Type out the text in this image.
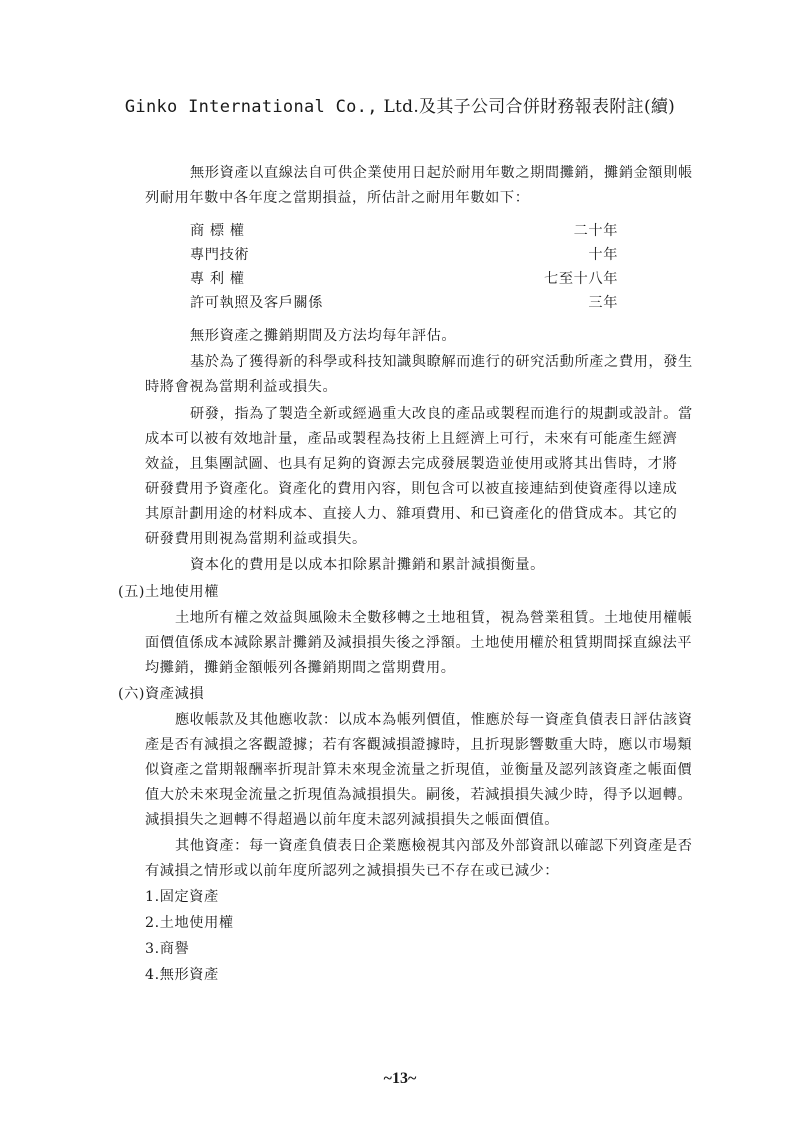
Ginko International Co., Ltd.及其子公司合併財務報表附註(續)
無形資產以直線法自可供企業使用日起於耐用年數之期間攤銷，攤銷金額則帳
列耐用年數中各年度之當期損益，所估計之耐用年數如下：
商 標 權	二十年
專門技術	十年
專 利 權	七至十八年
許可執照及客戶關係	三年
無形資產之攤銷期間及方法均每年評估。
基於為了獲得新的科學或科技知識與瞭解而進行的研究活動所產之費用，發生
時將會視為當期利益或損失。
研發，指為了製造全新或經過重大改良的產品或製程而進行的規劃或設計。當
成本可以被有效地計量，產品或製程為技術上且經濟上可行，未來有可能產生經濟
效益，且集團試圖、也具有足夠的資源去完成發展製造並使用或將其出售時，才將
研發費用予資產化。資產化的費用內容，則包含可以被直接連結到使資產得以達成
其原計劃用途的材料成本、直接人力、雜項費用、和已資產化的借貸成本。其它的
研發費用則視為當期利益或損失。
資本化的費用是以成本扣除累計攤銷和累計減損衡量。
(五)土地使用權
土地所有權之效益與風險未全數移轉之土地租賃，視為營業租賃。土地使用權帳
面價值係成本減除累計攤銷及減損損失後之淨額。土地使用權於租賃期間採直線法平
均攤銷，攤銷金額帳列各攤銷期間之當期費用。
(六)資產減損
應收帳款及其他應收款：以成本為帳列價值，惟應於每一資產負債表日評估該資
產是否有減損之客觀證據；若有客觀減損證據時，且折現影響數重大時，應以市場類
似資產之當期報酬率折現計算未來現金流量之折現值，並衡量及認列該資產之帳面價
值大於未來現金流量之折現值為減損損失。嗣後，若減損損失減少時，得予以迴轉。
減損損失之迴轉不得超過以前年度未認列減損損失之帳面價值。
其他資產：每一資產負債表日企業應檢視其內部及外部資訊以確認下列資產是否
有減損之情形或以前年度所認列之減損損失已不存在或已減少：
1.固定資產
2.土地使用權
3.商譽
4.無形資產
~13~
